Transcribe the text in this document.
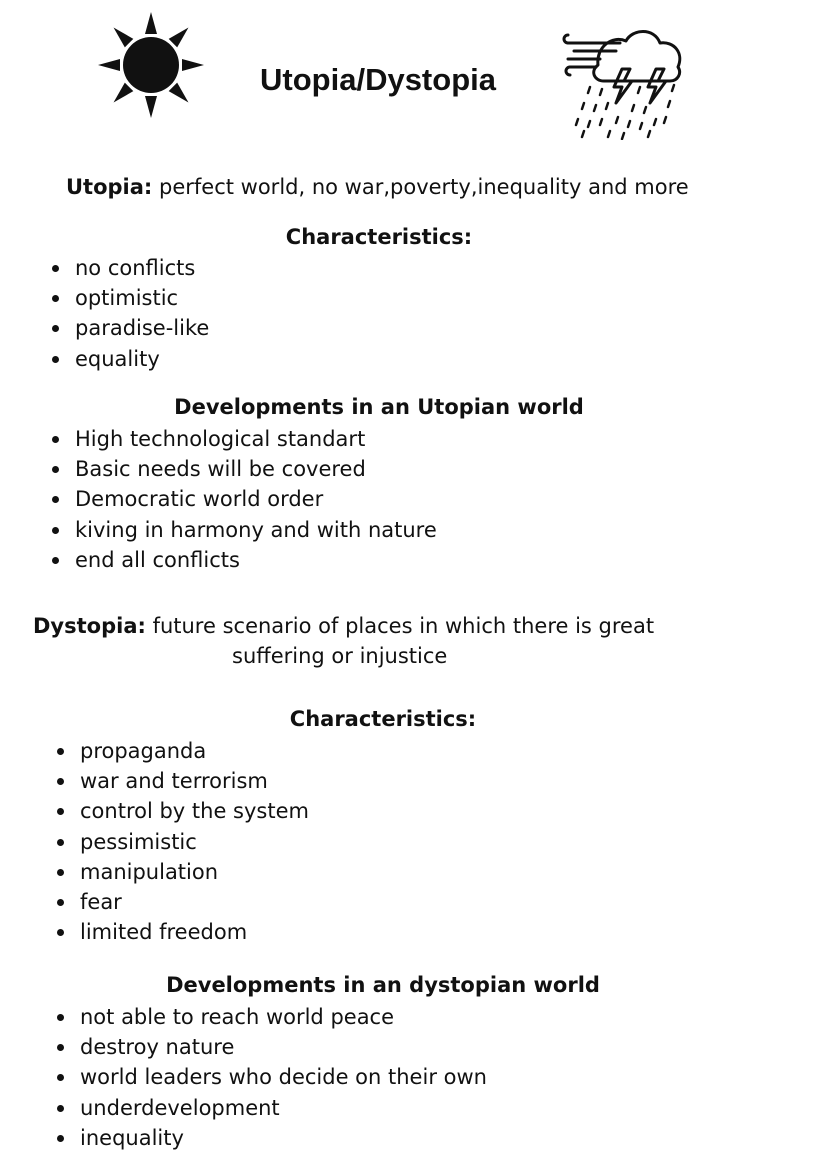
Utopia/Dystopia
Utopia: perfect world, no war,poverty,inequality and more
Characteristics:
no conflicts
optimistic
paradise-like
equality
Developments in an Utopian world
High technological standart
Basic needs will be covered
Democratic world order
kiving in harmony and with nature
end all conflicts
Dystopia: future scenario of places in which there is great
suffering or injustice
Characteristics:
propaganda
war and terrorism
control by the system
pessimistic
manipulation
fear
limited freedom
Developments in an dystopian world
not able to reach world peace
destroy nature
world leaders who decide on their own
underdevelopment
inequality
